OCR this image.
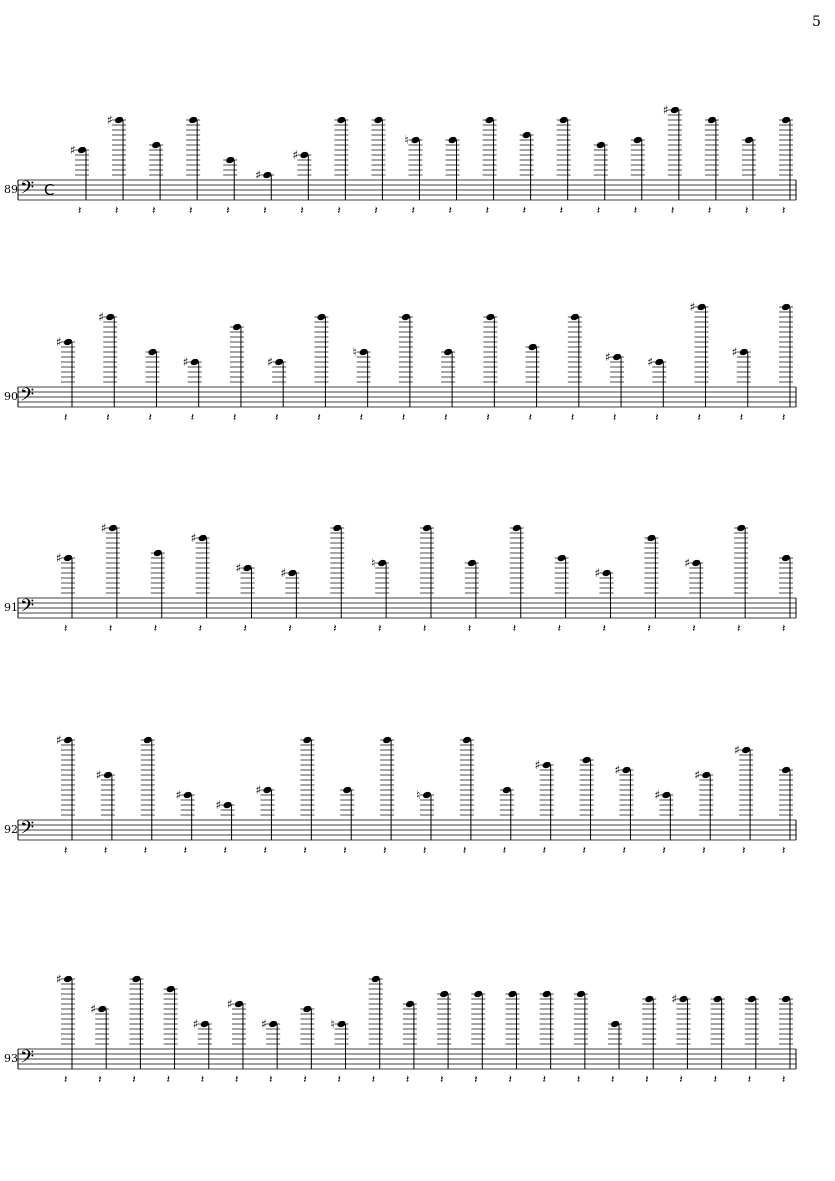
5
89
90
91
92
93
𝄢 C
♯
𝄽
♯
𝄽	𝄽	𝄽	𝄽
♯
𝄽
♯
𝄽	𝄽	𝄽
♮
𝄽	𝄽	𝄽	𝄽	𝄽	𝄽	𝄽
♯
𝄽	𝄽	𝄽	𝄽
𝄢
♯
𝄽
♯
𝄽	𝄽
♯
𝄽	𝄽
♯
𝄽	𝄽
♮
𝄽	𝄽	𝄽	𝄽	𝄽	𝄽
♯
𝄽
♯
𝄽
♯
𝄽
♯
𝄽	𝄽
𝄢
♯
𝄽
♯
𝄽	𝄽
♯
𝄽
♯
𝄽
♯
𝄽	𝄽
♮
𝄽	𝄽	𝄽	𝄽	𝄽
♯
𝄽	𝄽
♯
𝄽	𝄽	𝄽
𝄢
♯
𝄽
♯
𝄽	𝄽
♯
𝄽
♯
𝄽
♯
𝄽	𝄽	𝄽	𝄽
♮
𝄽	𝄽	𝄽
♯
𝄽	𝄽
♯
𝄽
♯
𝄽
♯
𝄽
♯
𝄽	𝄽
𝄢
♯
𝄽
♯
𝄽	𝄽	𝄽
♯
𝄽
♯
𝄽
♯
𝄽	𝄽
♮
𝄽	𝄽	𝄽	𝄽	𝄽	𝄽	𝄽	𝄽	𝄽	𝄽
♯
𝄽	𝄽	𝄽	𝄽
